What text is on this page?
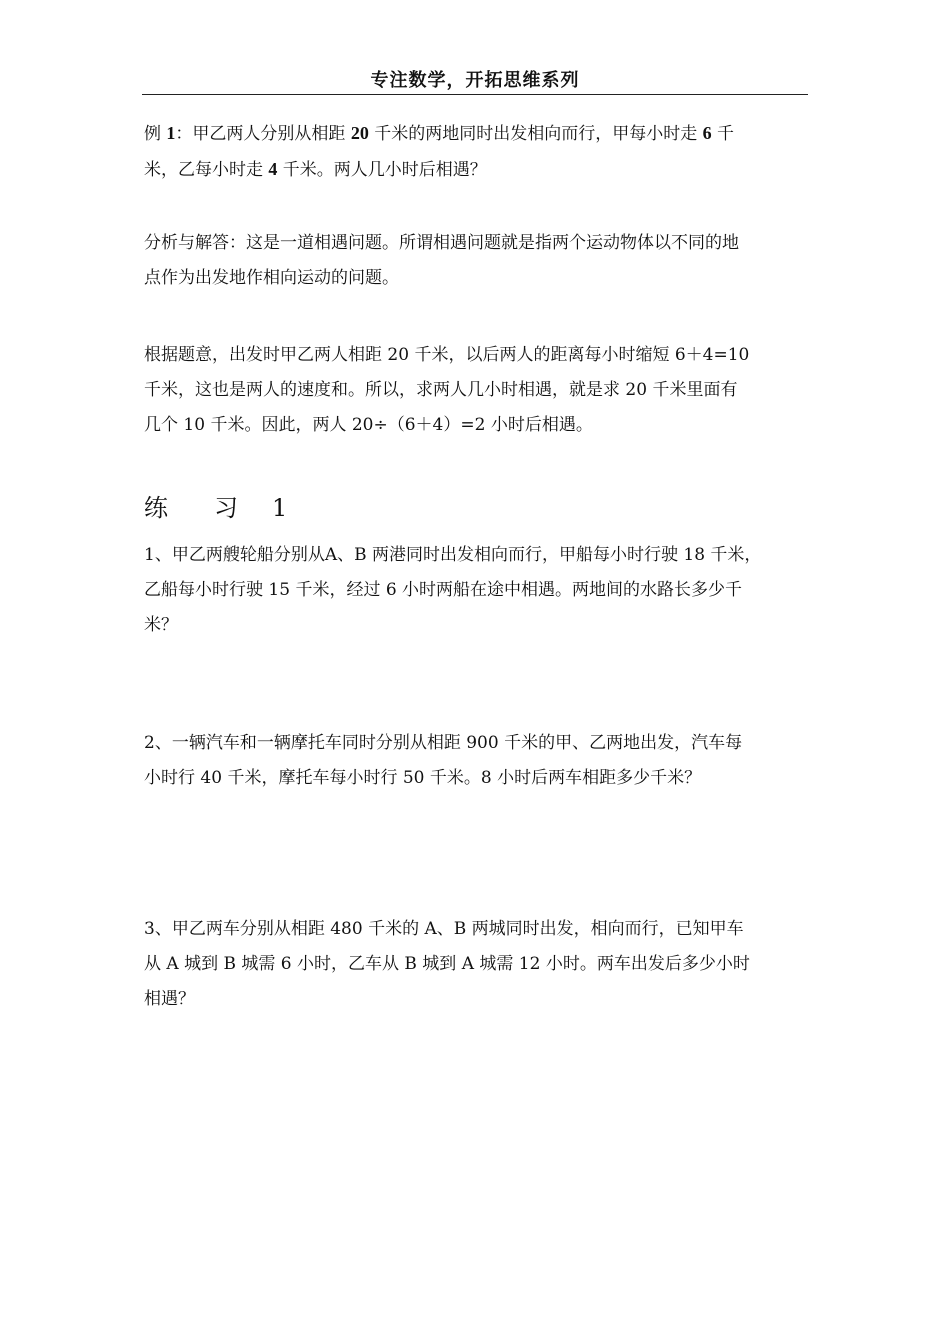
专注数学，开拓思维系列
例 1：甲乙两人分别从相距 20 千米的两地同时出发相向而行，甲每小时走 6 千
米，乙每小时走 4 千米。两人几小时后相遇？
分析与解答：这是一道相遇问题。所谓相遇问题就是指两个运动物体以不同的地
点作为出发地作相向运动的问题。
根据题意，出发时甲乙两人相距 20 千米，以后两人的距离每小时缩短 6＋4=10
千米，这也是两人的速度和。所以，求两人几小时相遇，就是求 20 千米里面有
几个 10 千米。因此，两人 20÷（6＋4）=2 小时后相遇。
练 习 1
1、甲乙两艘轮船分别从A、B 两港同时出发相向而行，甲船每小时行驶 18 千米，
乙船每小时行驶 15 千米，经过 6 小时两船在途中相遇。两地间的水路长多少千
米？
2、一辆汽车和一辆摩托车同时分别从相距 900 千米的甲、乙两地出发，汽车每
小时行 40 千米，摩托车每小时行 50 千米。8 小时后两车相距多少千米？
3、甲乙两车分别从相距 480 千米的 A、B 两城同时出发，相向而行，已知甲车
从 A 城到 B 城需 6 小时，乙车从 B 城到 A 城需 12 小时。两车出发后多少小时
相遇？
